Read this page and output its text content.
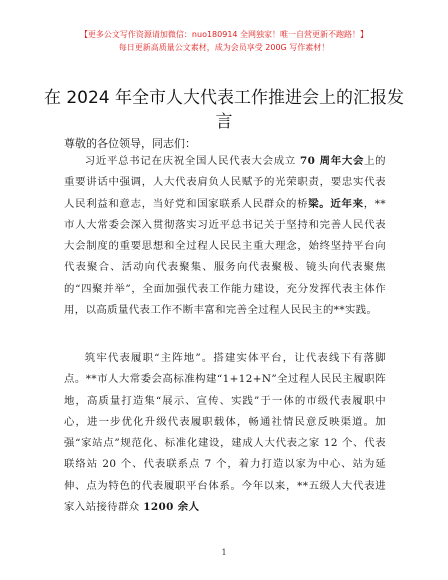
【更多公文写作资源请加微信：nuo180914 全网独家！唯一自营更新不跑路！】
每日更新高质量公文素材，成为会员享受 200G 写作素材！
在 2024 年全市人大代表工作推进会上的汇报发言
尊敬的各位领导，同志们：
习近平总书记在庆祝全国人民代表大会成立 70 周年大会上的重要讲话中强调，人大代表肩负人民赋予的光荣职责，要忠实代表人民利益和意志，当好党和国家联系人民群众的桥梁。近年来，**市人大常委会深入贯彻落实习近平总书记关于坚持和完善人民代表大会制度的重要思想和全过程人民民主重大理念，始终坚持平台向代表聚合、活动向代表聚集、服务向代表聚极、镜头向代表聚焦的“四聚并举”，全面加强代表工作能力建设，充分发挥代表主体作用，以高质量代表工作不断丰富和完善全过程人民民主的**实践。
筑牢代表履职“主阵地”。搭建实体平台，让代表线下有落脚点。**市人大常委会高标准构建“1+12+N”全过程人民民主履职阵地，高质量打造集“展示、宣传、实践”于一体的市级代表履职中心，进一步优化升级代表履职载体，畅通社情民意反映渠道。加强“家站点”规范化、标准化建设，建成人大代表之家 12 个、代表联络站 20 个、代表联系点 7 个，着力打造以家为中心、站为延伸、点为特色的代表履职平台体系。今年以来，**五级人大代表进家入站接待群众 1200 余人
1
